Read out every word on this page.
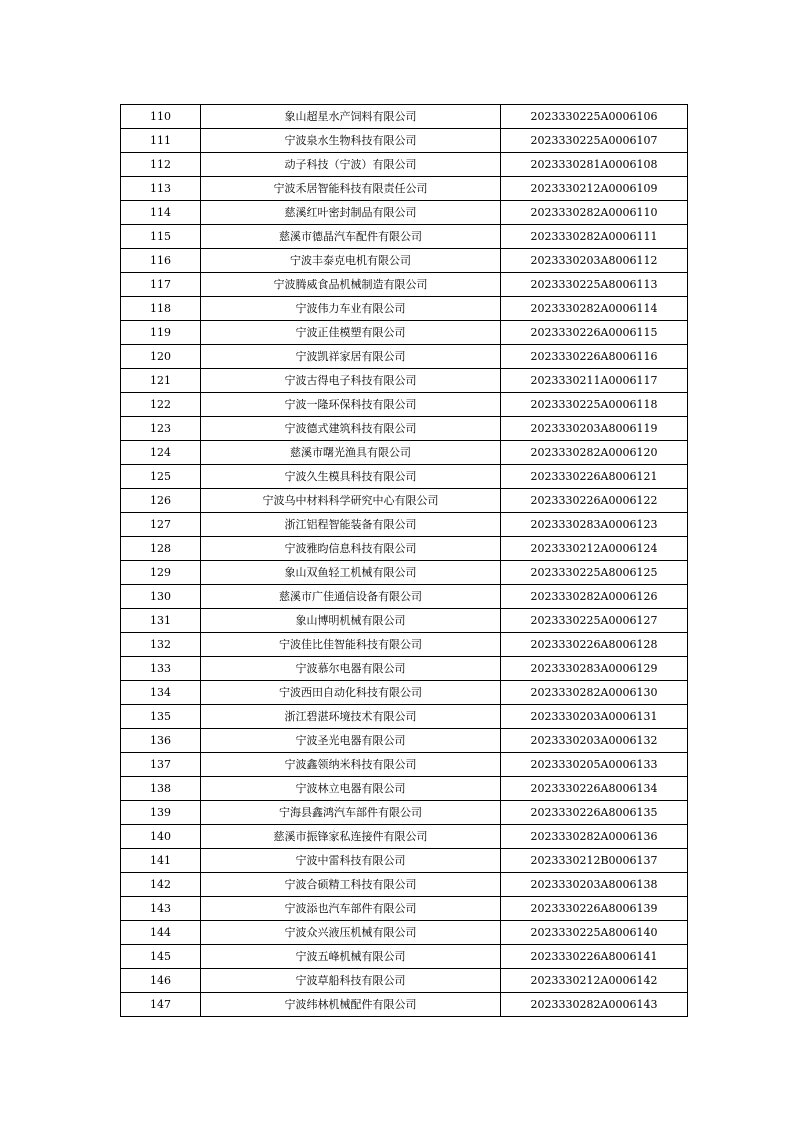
110	象山超星水产饲料有限公司	2023330225A0006106
111	宁波泉水生物科技有限公司	2023330225A0006107
112	动子科技（宁波）有限公司	2023330281A0006108
113	宁波禾居智能科技有限责任公司	2023330212A0006109
114	慈溪红叶密封制品有限公司	2023330282A0006110
115	慈溪市德晶汽车配件有限公司	2023330282A0006111
116	宁波丰泰克电机有限公司	2023330203A8006112
117	宁波腾威食品机械制造有限公司	2023330225A8006113
118	宁波伟力车业有限公司	2023330282A0006114
119	宁波正佳模塑有限公司	2023330226A0006115
120	宁波凯祥家居有限公司	2023330226A8006116
121	宁波古得电子科技有限公司	2023330211A0006117
122	宁波一隆环保科技有限公司	2023330225A0006118
123	宁波德式建筑科技有限公司	2023330203A8006119
124	慈溪市曙光渔具有限公司	2023330282A0006120
125	宁波久生模具科技有限公司	2023330226A8006121
126	宁波乌中材料科学研究中心有限公司	2023330226A0006122
127	浙江铝程智能装备有限公司	2023330283A0006123
128	宁波雅昀信息科技有限公司	2023330212A0006124
129	象山双鱼轻工机械有限公司	2023330225A8006125
130	慈溪市广佳通信设备有限公司	2023330282A0006126
131	象山博明机械有限公司	2023330225A0006127
132	宁波佳比佳智能科技有限公司	2023330226A8006128
133	宁波慕尔电器有限公司	2023330283A0006129
134	宁波西田自动化科技有限公司	2023330282A0006130
135	浙江碧湛环境技术有限公司	2023330203A0006131
136	宁波圣光电器有限公司	2023330203A0006132
137	宁波鑫领纳米科技有限公司	2023330205A0006133
138	宁波林立电器有限公司	2023330226A8006134
139	宁海县鑫鸿汽车部件有限公司	2023330226A8006135
140	慈溪市振锋家私连接件有限公司	2023330282A0006136
141	宁波中雷科技有限公司	2023330212B0006137
142	宁波合硕精工科技有限公司	2023330203A8006138
143	宁波添也汽车部件有限公司	2023330226A8006139
144	宁波众兴液压机械有限公司	2023330225A8006140
145	宁波五峰机械有限公司	2023330226A8006141
146	宁波草船科技有限公司	2023330212A0006142
147	宁波纬林机械配件有限公司	2023330282A0006143
